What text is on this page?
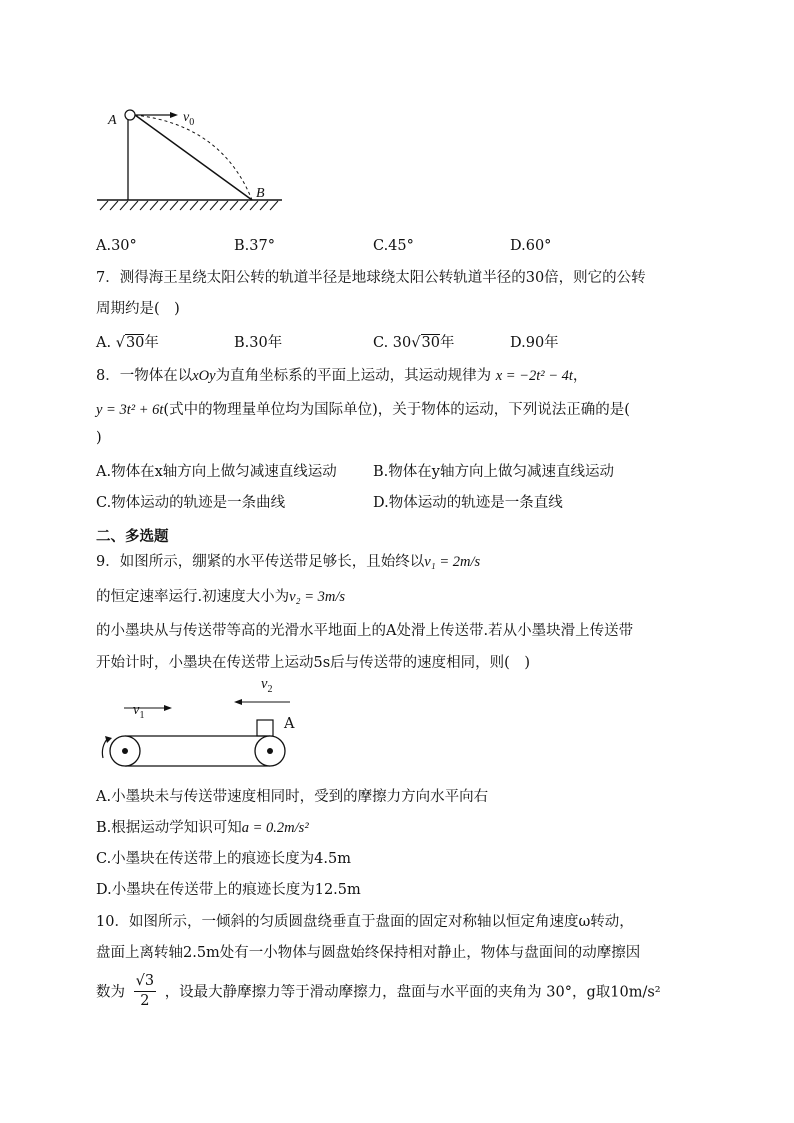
A
B
$v_0$
A.30°	B.37°	C.45°	D.60°
7．测得海王星绕太阳公转的轨道半径是地球绕太阳公转轨道半径的30倍，则它的公转
周期约是(　)
A. √30年	B.30年	C. 30√30年	D.90年
8．一物体在以xOy为直角坐标系的平面上运动，其运动规律为 x = −2t² − 4t，
y = 3t² + 6t(式中的物理量单位均为国际单位)，关于物体的运动，下列说法正确的是(
)
A.物体在x轴方向上做匀减速直线运动 B.物体在y轴方向上做匀减速直线运动
C.物体运动的轨迹是一条曲线	D.物体运动的轨迹是一条直线
二、多选题
9．如图所示，绷紧的水平传送带足够长，且始终以v₁ = 2m/s
的恒定速率运行.初速度大小为v₂ = 3m/s
的小墨块从与传送带等高的光滑水平地面上的A处滑上传送带.若从小墨块滑上传送带
开始计时，小墨块在传送带上运动5s后与传送带的速度相同，则(　)
$v_1$
$v_2$
A
A.小墨块未与传送带速度相同时，受到的摩擦力方向水平向右
B.根据运动学知识可知a = 0.2m/s²
C.小墨块在传送带上的痕迹长度为4.5m
D.小墨块在传送带上的痕迹长度为12.5m
10．如图所示，一倾斜的匀质圆盘绕垂直于盘面的固定对称轴以恒定角速度ω转动，
盘面上离转轴2.5m处有一小物体与圆盘始终保持相对静止，物体与盘面间的动摩擦因
数为 $\frac{√3}{2}$ ，设最大静摩擦力等于滑动摩擦力，盘面与水平面的夹角为 30°，g取10m/s²
